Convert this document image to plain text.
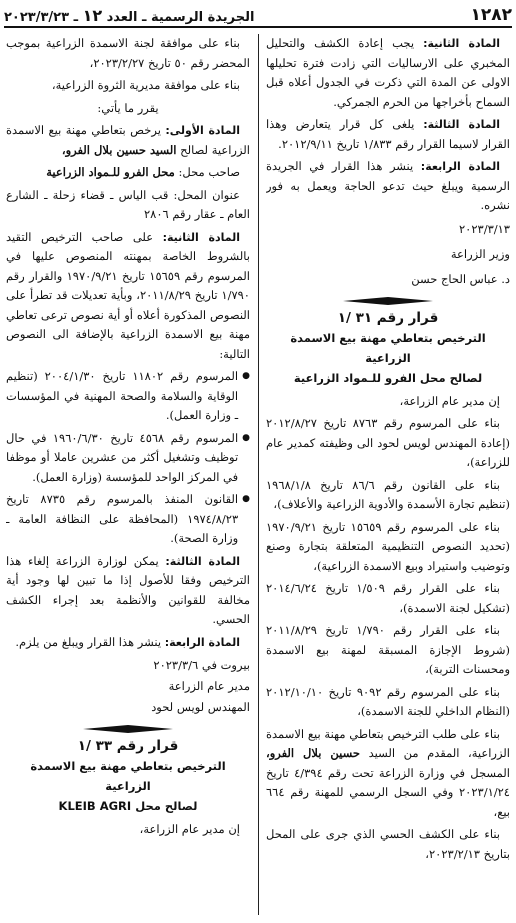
١٢٨٢
الجريدة الرسمية ـ العدد ١٢ ـ ٢٠٢٣/٣/٢٣

المادة الثانية: يجب إعادة الكشف والتحليل المخبري على الارساليات التي زادت فترة تحليلها الاولى عن المدة التي ذكرت في الجدول أعلاه قبل السماح بأخراجها من الحرم الجمركي.

المادة الثالثة: يلغى كل قرار يتعارض وهذا القرار لاسيما القرار رقم ١/٨٣٣ تاريخ ٢٠١٢/٩/١١.

المادة الرابعة: ينشر هذا القرار في الجريدة الرسمية ويبلغ حيث تدعو الحاجة ويعمل به فور نشره.

٢٠٢٣/٣/١٣

وزير الزراعة

د. عباس الحاج حسن

قرار رقم ٣١ /١
الترخيص بتعاطي مهنة بيع الاسمدة الزراعية
لصالح محل الفرو للـمواد الزراعية

إن مدير عام الزراعة،

بناء على المرسوم رقم ٨٧٦٣ تاريخ ٢٠١٢/٨/٢٧ (إعادة المهندس لويس لحود الى وظيفته كمدير عام للزراعة)،

بناء على القانون رقم ٨٦/٦ تاريخ ١٩٦٨/١/٨ (تنظيم تجارة الأسمدة والأدوية الزراعية والأعلاف)،

بناء على المرسوم رقم ١٥٦٥٩ تاريخ ١٩٧٠/٩/٢١ (تحديد النصوص التنظيمية المتعلقة بتجارة وصنع وتوضيب واستيراد وبيع الاسمدة الزراعية)،

بناء على القرار رقم ١/٥٠٩ تاريخ ٢٠١٤/٦/٢٤ (تشكيل لجنة الاسمدة)،

بناء على القرار رقم ١/٧٩٠ تاريخ ٢٠١١/٨/٢٩ (شروط الإجازة المسبقة لمهنة بيع الاسمدة ومحسنات التربة)،

بناء على المرسوم رقم ٩٠٩٢ تاريخ ٢٠١٢/١٠/١٠ (النظام الداخلي للجنة الاسمدة)،

بناء على طلب الترخيص بتعاطي مهنة بيع الاسمدة الزراعية، المقدم من السيد حسين بلال الفرو، المسجل في وزارة الزراعة تحت رقم ٤/٣٩٤ تاريخ ٢٠٢٣/١/٢٤ وفي السجل الرسمي للمهنة رقم ٦٦٤ بيع،

بناء على الكشف الحسي الذي جرى على المحل بتاريخ ٢٠٢٣/٢/١٣،

بناء على موافقة لجنة الاسمدة الزراعية بموجب المحضر رقم ٥٠ تاريخ ٢٠٢٣/٢/٢٧،

بناء على موافقة مديرية الثروة الزراعية،

يقرر ما يأتي:

المادة الأولى: يرخص بتعاطي مهنة بيع الاسمدة الزراعية لصالح السيد حسين بلال الفرو،

صاحب محل: محل الفرو للـمواد الزراعية

عنوان المحل: قب الياس ـ قضاء زحلة ـ الشارع العام ـ عقار رقم ٢٨٠٦

المادة الثانية: على صاحب الترخيص التقيد بالشروط الخاصة بمهنته المنصوص عليها في المرسوم رقم ١٥٦٥٩ تاريخ ١٩٧٠/٩/٢١ والقرار رقم ١/٧٩٠ تاريخ ٢٠١١/٨/٢٩، وبأية تعديلات قد تطرأ على النصوص المذكورة أعلاه أو أية نصوص ترعى تعاطي مهنة بيع الاسمدة الزراعية بالإضافة الى النصوص التالية:

●
المرسوم رقم ١١٨٠٢ تاريخ ٢٠٠٤/١/٣٠ (تنظيم الوقاية والسلامة والصحة المهنية في المؤسسات ـ وزارة العمل).
●
المرسوم رقم ٤٥٦٨ تاريخ ١٩٦٠/٦/٣٠ في حال توظيف وتشغيل أكثر من عشرين عاملا أو موظفا في المركز الواحد للمؤسسة (وزارة العمل).
●
القانون المنفذ بالمرسوم رقم ٨٧٣٥ تاريخ ١٩٧٤/٨/٢٣ (المحافظة على النظافة العامة ـ وزارة الصحة).

المادة الثالثة: يمكن لوزارة الزراعة إلغاء هذا الترخيص وفقا للأصول إذا ما تبين لها وجود أية مخالفة للقوانين والأنظمة بعد إجراء الكشف الحسي.

المادة الرابعة: ينشر هذا القرار ويبلغ من يلزم.

بيروت في ٢٠٢٣/٣/٦

مدير عام الزراعة

المهندس لويس لحود

قرار رقم ٣٣ /١
الترخيص بتعاطي مهنة بيع الاسمدة الزراعية
لصالح محل KLEIB AGRI

إن مدير عام الزراعة،
